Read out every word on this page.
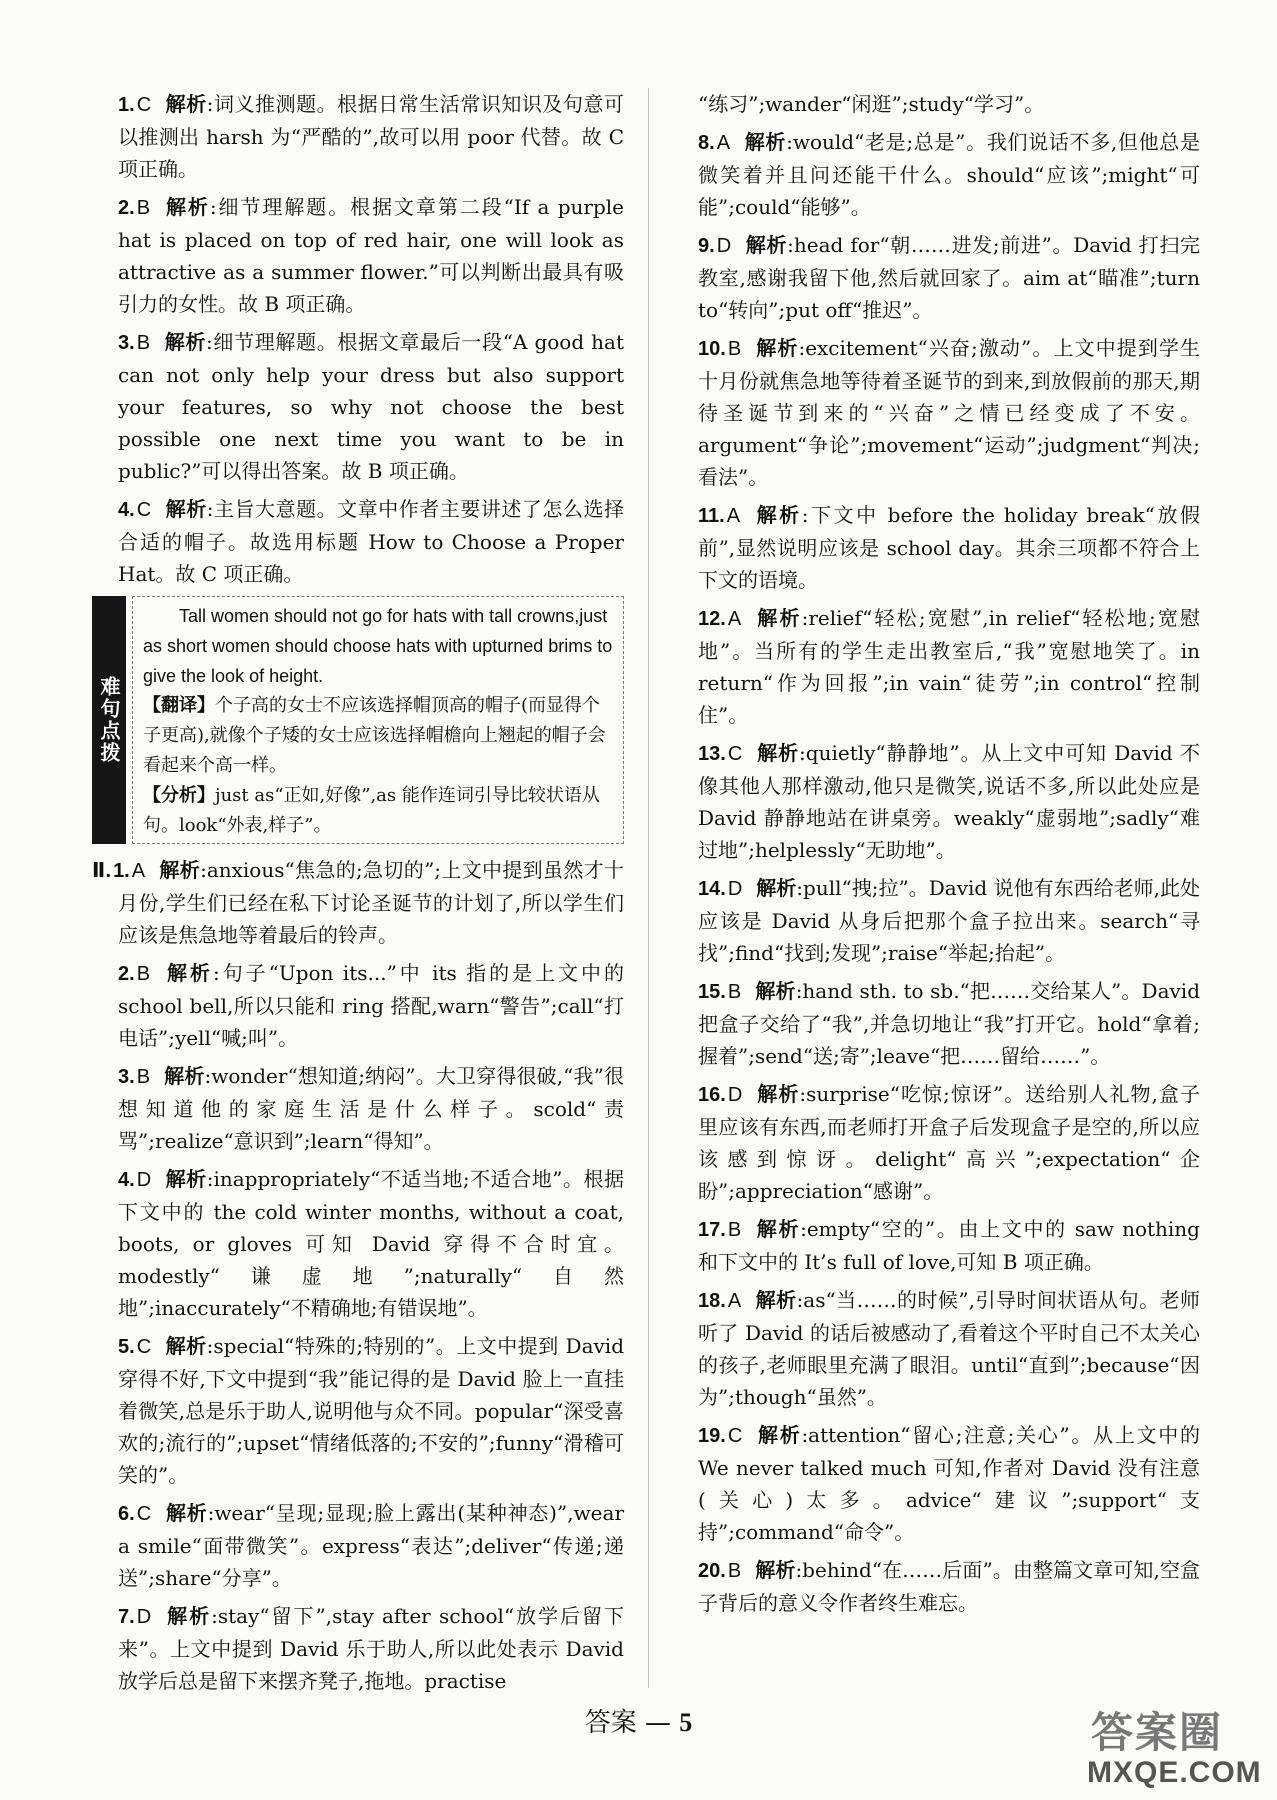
1. C 解析:词义推测题。根据日常生活常识知识及句意可以推测出 harsh 为“严酷的”,故可以用 poor 代替。故 C 项正确。
2. B 解析:细节理解题。根据文章第二段“If a purple hat is placed on top of red hair, one will look as attractive as a summer flower.”可以判断出最具有吸引力的女性。故 B 项正确。
3. B 解析:细节理解题。根据文章最后一段“A good hat can not only help your dress but also support your features, so why not choose the best possible one next time you want to be in public?”可以得出答案。故 B 项正确。
4. C 解析:主旨大意题。文章中作者主要讲述了怎么选择合适的帽子。故选用标题 How to Choose a Proper Hat。故 C 项正确。
难句点拨
Tall women should not go for hats with tall crowns,just as short women should choose hats with upturned brims to give the look of height.
【翻译】个子高的女士不应该选择帽顶高的帽子(而显得个子更高),就像个子矮的女士应该选择帽檐向上翘起的帽子会看起来个高一样。
【分析】just as“正如,好像”,as 能作连词引导比较状语从句。look“外表,样子”。
Ⅱ. 1. A 解析:anxious“焦急的;急切的”;上文中提到虽然才十月份,学生们已经在私下讨论圣诞节的计划了,所以学生们应该是焦急地等着最后的铃声。
2. B 解析:句子“Upon its...”中 its 指的是上文中的 school bell,所以只能和 ring 搭配,warn“警告”;call“打电话”;yell“喊;叫”。
3. B 解析:wonder“想知道;纳闷”。大卫穿得很破,“我”很想知道他的家庭生活是什么样子。scold“责骂”;realize“意识到”;learn“得知”。
4. D 解析:inappropriately“不适当地;不适合地”。根据下文中的 the cold winter months, without a coat, boots, or gloves 可知 David 穿得不合时宜。modestly“谦虚地”;naturally“自然地”;inaccurately“不精确地;有错误地”。
5. C 解析:special“特殊的;特别的”。上文中提到 David 穿得不好,下文中提到“我”能记得的是 David 脸上一直挂着微笑,总是乐于助人,说明他与众不同。popular“深受喜欢的;流行的”;upset“情绪低落的;不安的”;funny“滑稽可笑的”。
6. C 解析:wear“呈现;显现;脸上露出(某种神态)”,wear a smile“面带微笑”。express“表达”;deliver“传递;递送”;share“分享”。
7. D 解析:stay“留下”,stay after school“放学后留下来”。上文中提到 David 乐于助人,所以此处表示 David 放学后总是留下来摆齐凳子,拖地。practise
“练习”;wander“闲逛”;study“学习”。
8. A 解析:would“老是;总是”。我们说话不多,但他总是微笑着并且问还能干什么。should“应该”;might“可能”;could“能够”。
9. D 解析:head for“朝……进发;前进”。David 打扫完教室,感谢我留下他,然后就回家了。aim at“瞄准”;turn to“转向”;put off“推迟”。
10. B 解析:excitement“兴奋;激动”。上文中提到学生十月份就焦急地等待着圣诞节的到来,到放假前的那天,期待圣诞节到来的“兴奋”之情已经变成了不安。argument“争论”;movement“运动”;judgment“判决;看法”。
11. A 解析:下文中 before the holiday break“放假前”,显然说明应该是 school day。其余三项都不符合上下文的语境。
12. A 解析:relief“轻松;宽慰”,in relief“轻松地;宽慰地”。当所有的学生走出教室后,“我”宽慰地笑了。in return“作为回报”;in vain“徒劳”;in control“控制住”。
13. C 解析:quietly“静静地”。从上文中可知 David 不像其他人那样激动,他只是微笑,说话不多,所以此处应是 David 静静地站在讲桌旁。weakly“虚弱地”;sadly“难过地”;helplessly“无助地”。
14. D 解析:pull“拽;拉”。David 说他有东西给老师,此处应该是 David 从身后把那个盒子拉出来。search“寻找”;find“找到;发现”;raise“举起;抬起”。
15. B 解析:hand sth. to sb.“把……交给某人”。David 把盒子交给了“我”,并急切地让“我”打开它。hold“拿着;握着”;send“送;寄”;leave“把……留给……”。
16. D 解析:surprise“吃惊;惊讶”。送给别人礼物,盒子里应该有东西,而老师打开盒子后发现盒子是空的,所以应该感到惊讶。delight“高兴”;expectation“企盼”;appreciation“感谢”。
17. B 解析:empty“空的”。由上文中的 saw nothing 和下文中的 It’s full of love,可知 B 项正确。
18. A 解析:as“当……的时候”,引导时间状语从句。老师听了 David 的话后被感动了,看着这个平时自己不太关心的孩子,老师眼里充满了眼泪。until“直到”;because“因为”;though“虽然”。
19. C 解析:attention“留心;注意;关心”。从上文中的 We never talked much 可知,作者对 David 没有注意(关心)太多。advice“建议”;support“支持”;command“命令”。
20. B 解析:behind“在……后面”。由整篇文章可知,空盒子背后的意义令作者终生难忘。
答案 — 5	答案圈
MXQE.COM
